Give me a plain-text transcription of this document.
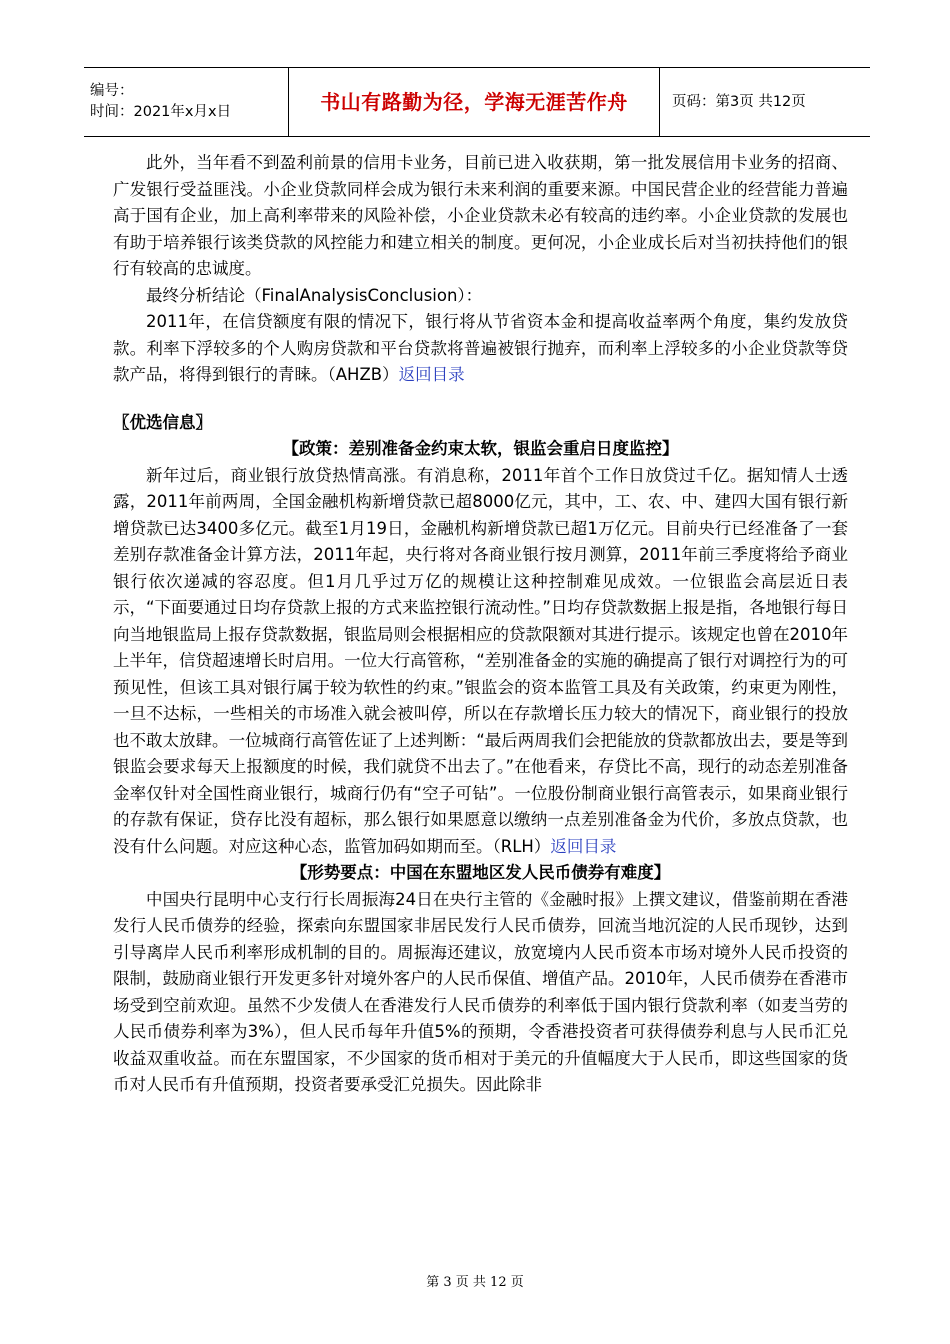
编号：
时间：2021年x月x日	书山有路勤为径，学海无涯苦作舟	页码：第3页 共12页

此外，当年看不到盈利前景的信用卡业务，目前已进入收获期，第一批发展信用卡业务的招商、广发银行受益匪浅。小企业贷款同样会成为银行未来利润的重要来源。中国民营企业的经营能力普遍高于国有企业，加上高利率带来的风险补偿，小企业贷款未必有较高的违约率。小企业贷款的发展也有助于培养银行该类贷款的风控能力和建立相关的制度。更何况，小企业成长后对当初扶持他们的银行有较高的忠诚度。

最终分析结论（FinalAnalysisConclusion）：

2011年，在信贷额度有限的情况下，银行将从节省资本金和提高收益率两个角度，集约发放贷款。利率下浮较多的个人购房贷款和平台贷款将普遍被银行抛弃，而利率上浮较多的小企业贷款等贷款产品，将得到银行的青睐。（AHZB）返回目录

〖优选信息〗
【政策：差别准备金约束太软，银监会重启日度监控】

新年过后，商业银行放贷热情高涨。有消息称，2011年首个工作日放贷过千亿。据知情人士透露，2011年前两周，全国金融机构新增贷款已超8000亿元，其中，工、农、中、建四大国有银行新增贷款已达3400多亿元。截至1月19日，金融机构新增贷款已超1万亿元。目前央行已经准备了一套差别存款准备金计算方法，2011年起，央行将对各商业银行按月测算，2011年前三季度将给予商业银行依次递减的容忍度。但1月几乎过万亿的规模让这种控制难见成效。一位银监会高层近日表示，“下面要通过日均存贷款上报的方式来监控银行流动性。”日均存贷款数据上报是指，各地银行每日向当地银监局上报存贷款数据，银监局则会根据相应的贷款限额对其进行提示。该规定也曾在2010年上半年，信贷超速增长时启用。一位大行高管称，“差别准备金的实施的确提高了银行对调控行为的可预见性，但该工具对银行属于较为软性的约束。”银监会的资本监管工具及有关政策，约束更为刚性，一旦不达标，一些相关的市场准入就会被叫停，所以在存款增长压力较大的情况下，商业银行的投放也不敢太放肆。一位城商行高管佐证了上述判断：“最后两周我们会把能放的贷款都放出去，要是等到银监会要求每天上报额度的时候，我们就贷不出去了。”在他看来，存贷比不高，现行的动态差别准备金率仅针对全国性商业银行，城商行仍有“空子可钻”。一位股份制商业银行高管表示，如果商业银行的存款有保证，贷存比没有超标，那么银行如果愿意以缴纳一点差别准备金为代价，多放点贷款，也没有什么问题。对应这种心态，监管加码如期而至。（RLH）返回目录

【形势要点：中国在东盟地区发人民币债券有难度】

中国央行昆明中心支行行长周振海24日在央行主管的《金融时报》上撰文建议，借鉴前期在香港发行人民币债券的经验，探索向东盟国家非居民发行人民币债券，回流当地沉淀的人民币现钞，达到引导离岸人民币利率形成机制的目的。周振海还建议，放宽境内人民币资本市场对境外人民币投资的限制，鼓励商业银行开发更多针对境外客户的人民币保值、增值产品。2010年，人民币债券在香港市场受到空前欢迎。虽然不少发债人在香港发行人民币债券的利率低于国内银行贷款利率（如麦当劳的人民币债券利率为3%），但人民币每年升值5%的预期，令香港投资者可获得债券利息与人民币汇兑收益双重收益。而在东盟国家，不少国家的货币相对于美元的升值幅度大于人民币，即这些国家的货币对人民币有升值预期，投资者要承受汇兑损失。因此除非

第 3 页 共 12 页
